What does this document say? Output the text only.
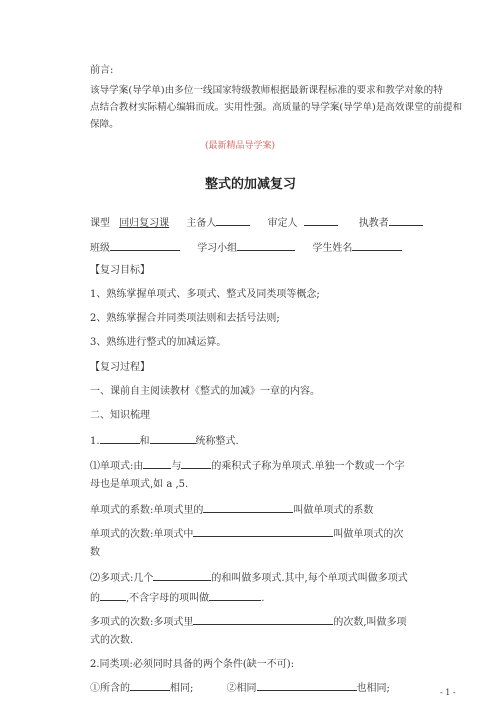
前言:
该导学案(导学单)由多位一线国家特级教师根据最新课程标准的要求和教学对象的特
点结合教材实际精心编辑而成。实用性强。高质量的导学案(导学单)是高效课堂的前提和
保障。
(最新精品导学案)
整式的加减复习
课型 回归复习课 主备人	审定人	执教者
班级	学习小组	学生姓名
【复习目标】
1、熟练掌握单项式、多项式、整式及同类项等概念;
2、熟练掌握合并同类项法则和去括号法则;
3、熟练进行整式的加减运算。
【复习过程】
一、课前自主阅读教材《整式的加减》一章的内容。
二、知识梳理
1.	和	统称整式.
⑴单项式:由	与	的乘积式子称为单项式.单独一个数或一个字
母也是单项式,如 a ,5.
单项式的系数:单项式里的	叫做单项式的系数
单项式的次数:单项式中	叫做单项式的次
数
⑵多项式:几个	的和叫做多项式.其中,每个单项式叫做多项式
的	,不含字母的项叫做	.
多项式的次数:多项式里	的次数,叫做多项
式的次数.
2.同类项:必须同时具备的两个条件(缺一不可):
①所含的	相同;	②相同	也相同;	- 1 -
